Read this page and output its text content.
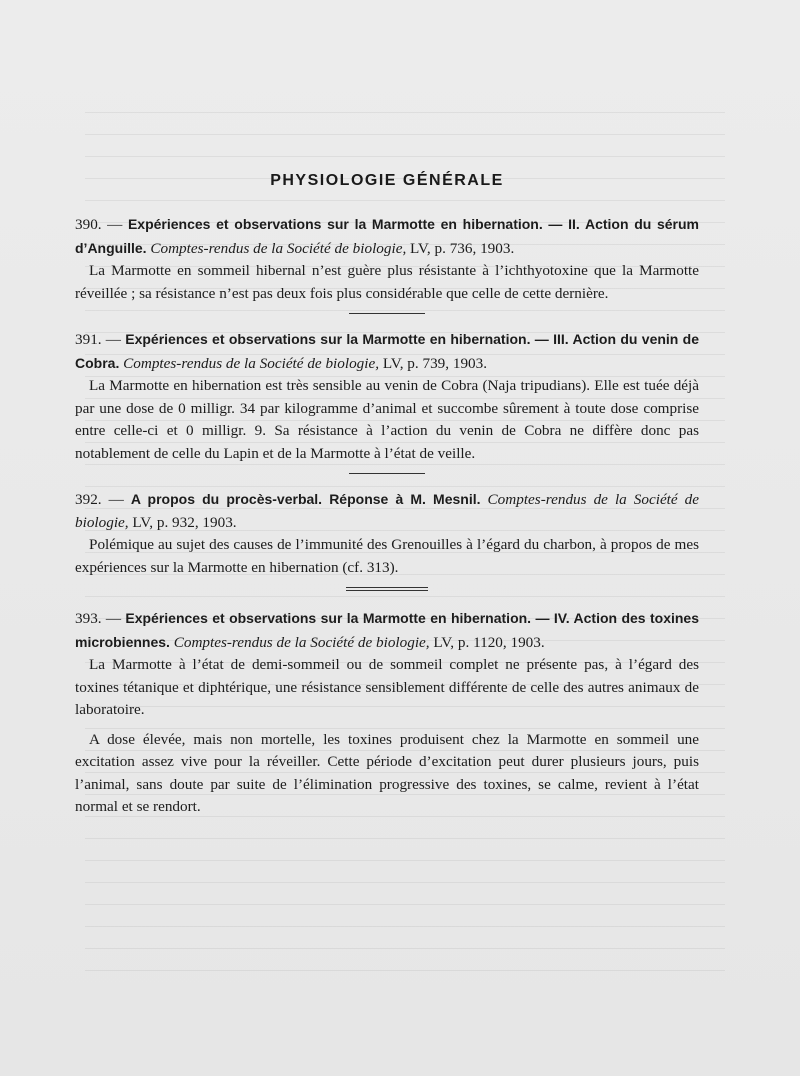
PHYSIOLOGIE GÉNÉRALE

390. — Expériences et observations sur la Marmotte en hibernation. — II. Action du sérum d’Anguille. Comptes-rendus de la Société de biologie, LV, p. 736, 1903.

La Marmotte en sommeil hibernal n’est guère plus résistante à l’ichthyotoxine que la Marmotte réveillée ; sa résistance n’est pas deux fois plus considérable que celle de cette dernière.

391. — Expériences et observations sur la Marmotte en hibernation. — III. Action du venin de Cobra. Comptes-rendus de la Société de biologie, LV, p. 739, 1903.

La Marmotte en hibernation est très sensible au venin de Cobra (Naja tripudians). Elle est tuée déjà par une dose de 0 milligr. 34 par kilogramme d’animal et succombe sûrement à toute dose comprise entre celle-ci et 0 milligr. 9. Sa résistance à l’action du venin de Cobra ne diffère donc pas notablement de celle du Lapin et de la Marmotte à l’état de veille.

392. — A propos du procès-verbal. Réponse à M. Mesnil. Comptes-rendus de la Société de biologie, LV, p. 932, 1903.

Polémique au sujet des causes de l’immunité des Grenouilles à l’égard du charbon, à propos de mes expériences sur la Marmotte en hibernation (cf. 313).

393. — Expériences et observations sur la Marmotte en hibernation. — IV. Action des toxines microbiennes. Comptes-rendus de la Société de biologie, LV, p. 1120, 1903.

La Marmotte à l’état de demi-sommeil ou de sommeil complet ne présente pas, à l’égard des toxines tétanique et diphtérique, une résistance sensiblement différente de celle des autres animaux de laboratoire.

A dose élevée, mais non mortelle, les toxines produisent chez la Marmotte en sommeil une excitation assez vive pour la réveiller. Cette période d’excitation peut durer plusieurs jours, puis l’animal, sans doute par suite de l’élimination progressive des toxines, se calme, revient à l’état normal et se rendort.
